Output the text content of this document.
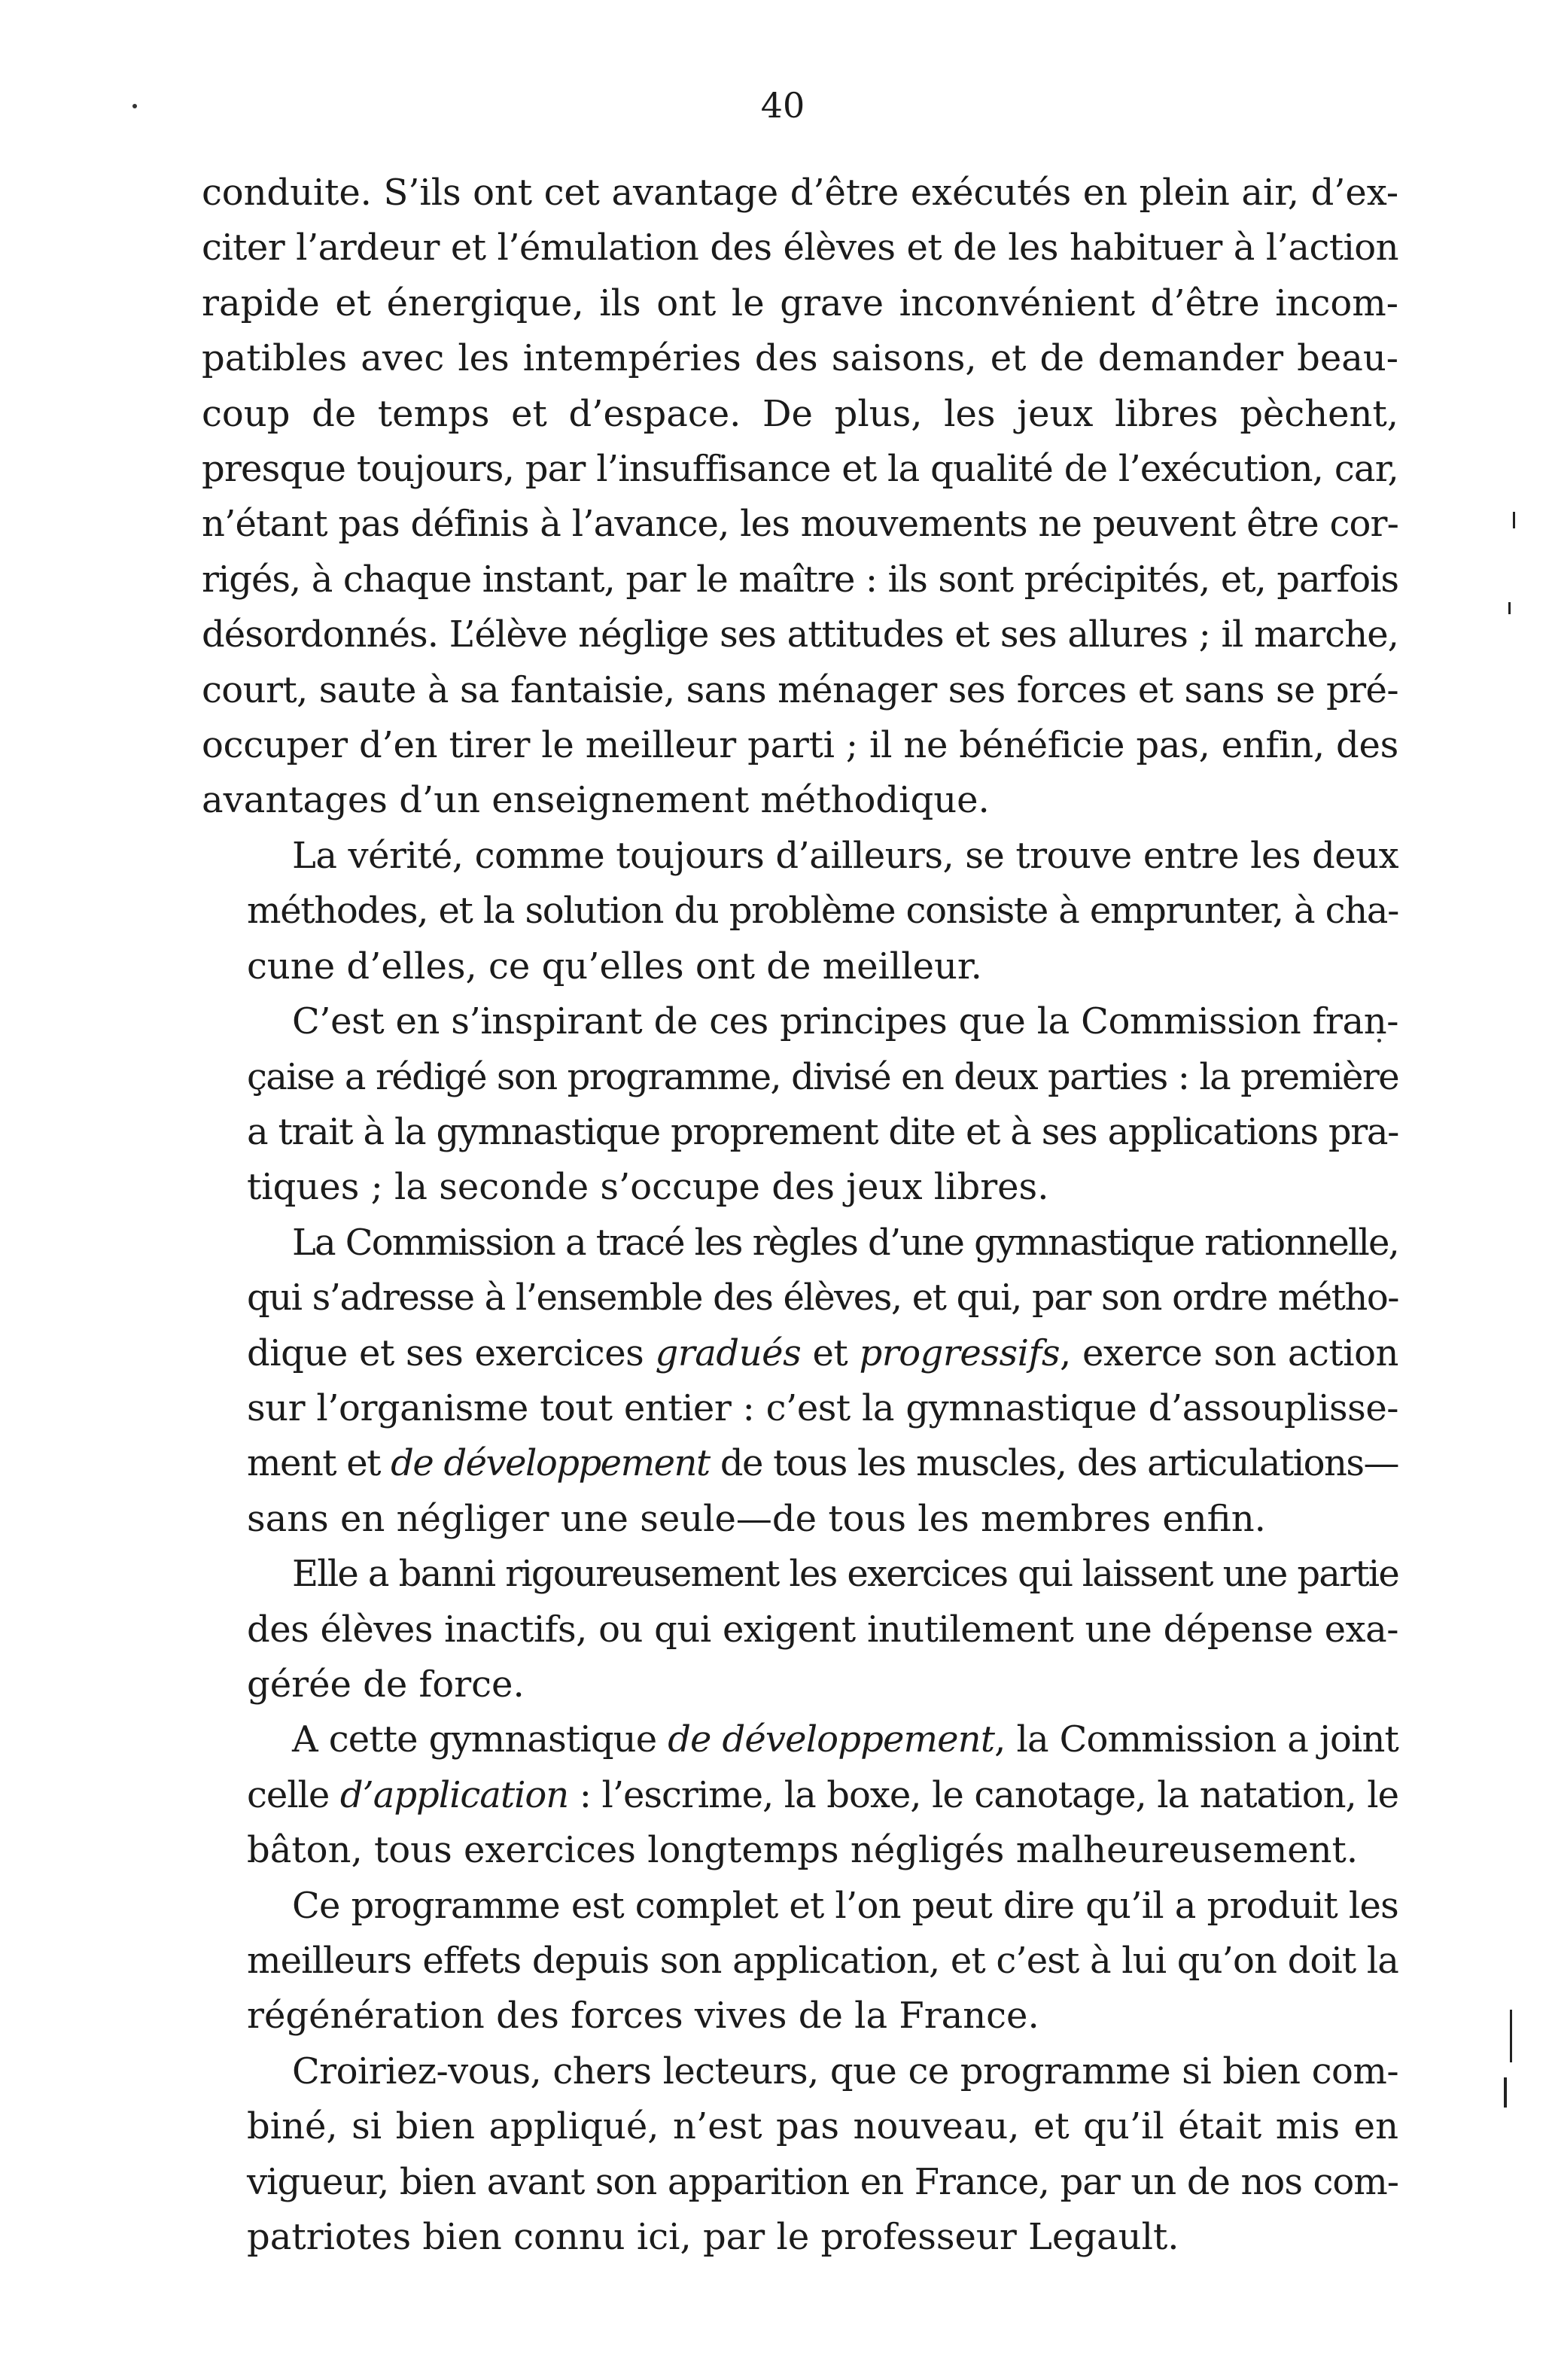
40
conduite. S’ils ont cet avantage d’être exécutés en plein air, d’ex-
citer l’ardeur et l’émulation des élèves et de les habituer à l’action
rapide et énergique, ils ont le grave inconvénient d’être incom-
patibles avec les intempéries des saisons, et de demander beau-
coup de temps et d’espace. De plus, les jeux libres pèchent,
presque toujours, par l’insuffisance et la qualité de l’exécution, car,
n’étant pas définis à l’avance, les mouvements ne peuvent être cor-
rigés, à chaque instant, par le maître : ils sont précipités, et, parfois
désordonnés. L’élève néglige ses attitudes et ses allures ; il marche,
court, saute à sa fantaisie, sans ménager ses forces et sans se pré-
occuper d’en tirer le meilleur parti ; il ne bénéficie pas, enfin, des
avantages d’un enseignement méthodique.
La vérité, comme toujours d’ailleurs, se trouve entre les deux
méthodes, et la solution du problème consiste à emprunter, à cha-
cune d’elles, ce qu’elles ont de meilleur.
C’est en s’inspirant de ces principes que la Commission fran-
çaise a rédigé son programme, divisé en deux parties : la première
a trait à la gymnastique proprement dite et à ses applications pra-
tiques ; la seconde s’occupe des jeux libres.
La Commission a tracé les règles d’une gymnastique rationnelle,
qui s’adresse à l’ensemble des élèves, et qui, par son ordre métho-
dique et ses exercices gradués et progressifs, exerce son action
sur l’organisme tout entier : c’est la gymnastique d’assouplisse-
ment et de développement de tous les muscles, des articulations—
sans en négliger une seule—de tous les membres enfin.
Elle a banni rigoureusement les exercices qui laissent une partie
des élèves inactifs, ou qui exigent inutilement une dépense exa-
gérée de force.
A cette gymnastique de développement, la Commission a joint
celle d’application : l’escrime, la boxe, le canotage, la natation, le
bâton, tous exercices longtemps négligés malheureusement.
Ce programme est complet et l’on peut dire qu’il a produit les
meilleurs effets depuis son application, et c’est à lui qu’on doit la
régénération des forces vives de la France.
Croiriez-vous, chers lecteurs, que ce programme si bien com-
biné, si bien appliqué, n’est pas nouveau, et qu’il était mis en
vigueur, bien avant son apparition en France, par un de nos com-
patriotes bien connu ici, par le professeur Legault.
